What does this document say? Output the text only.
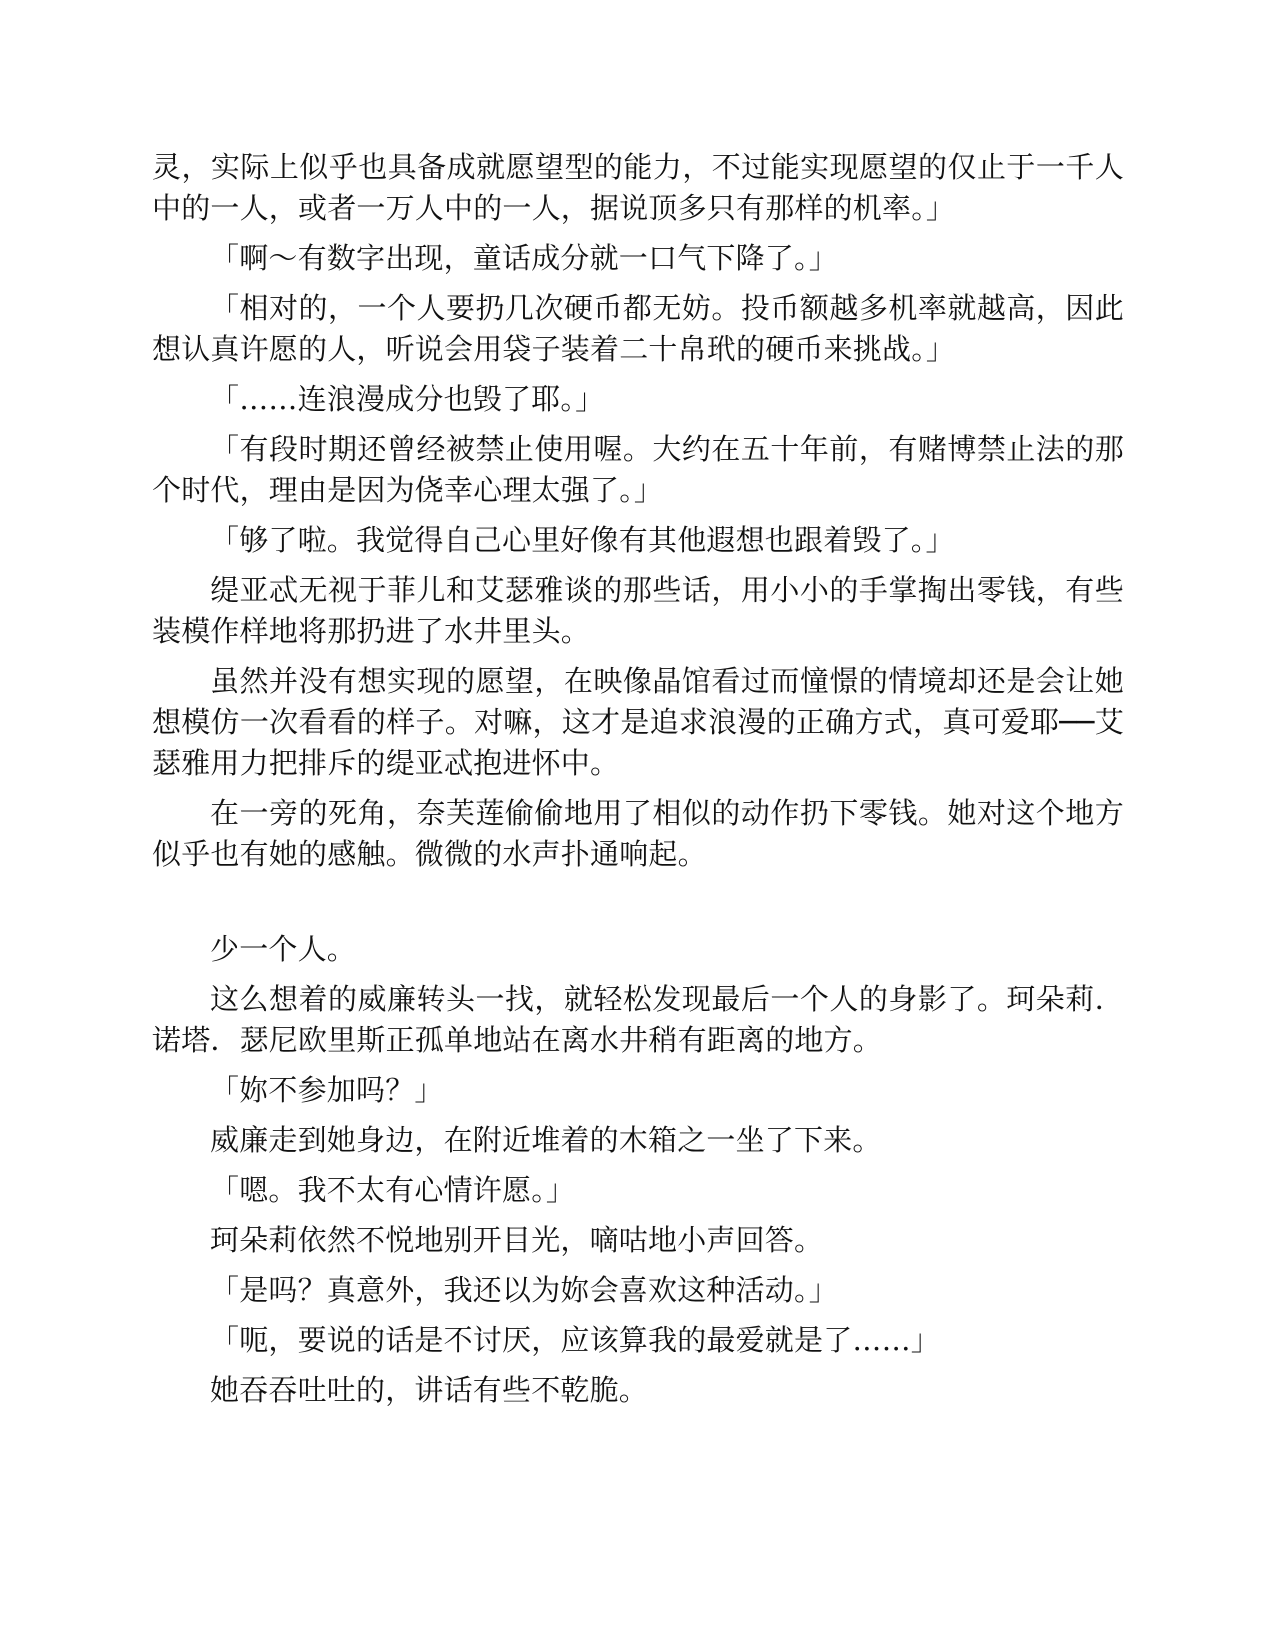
灵，实际上似乎也具备成就愿望型的能力，不过能实现愿望的仅止于一千人中的一人，或者一万人中的一人，据说顶多只有那样的机率。」

「啊～有数字出现，童话成分就一口气下降了。」

「相对的，一个人要扔几次硬币都无妨。投币额越多机率就越高，因此想认真许愿的人，听说会用袋子装着二十帛玳的硬币来挑战。」

「……连浪漫成分也毁了耶。」

「有段时期还曾经被禁止使用喔。大约在五十年前，有赌博禁止法的那个时代，理由是因为侥幸心理太强了。」

「够了啦。我觉得自己心里好像有其他遐想也跟着毁了。」

缇亚忒无视于菲儿和艾瑟雅谈的那些话，用小小的手掌掏出零钱，有些装模作样地将那扔进了水井里头。

虽然并没有想实现的愿望，在映像晶馆看过而憧憬的情境却还是会让她想模仿一次看看的样子。对嘛，这才是追求浪漫的正确方式，真可爱耶──艾瑟雅用力把排斥的缇亚忒抱进怀中。

在一旁的死角，奈芙莲偷偷地用了相似的动作扔下零钱。她对这个地方似乎也有她的感触。微微的水声扑通响起。

少一个人。

这么想着的威廉转头一找，就轻松发现最后一个人的身影了。珂朵莉．诺塔．瑟尼欧里斯正孤单地站在离水井稍有距离的地方。

「妳不参加吗？」

威廉走到她身边，在附近堆着的木箱之一坐了下来。

「嗯。我不太有心情许愿。」

珂朵莉依然不悦地别开目光，嘀咕地小声回答。

「是吗？真意外，我还以为妳会喜欢这种活动。」

「呃，要说的话是不讨厌，应该算我的最爱就是了……」

她吞吞吐吐的，讲话有些不乾脆。
